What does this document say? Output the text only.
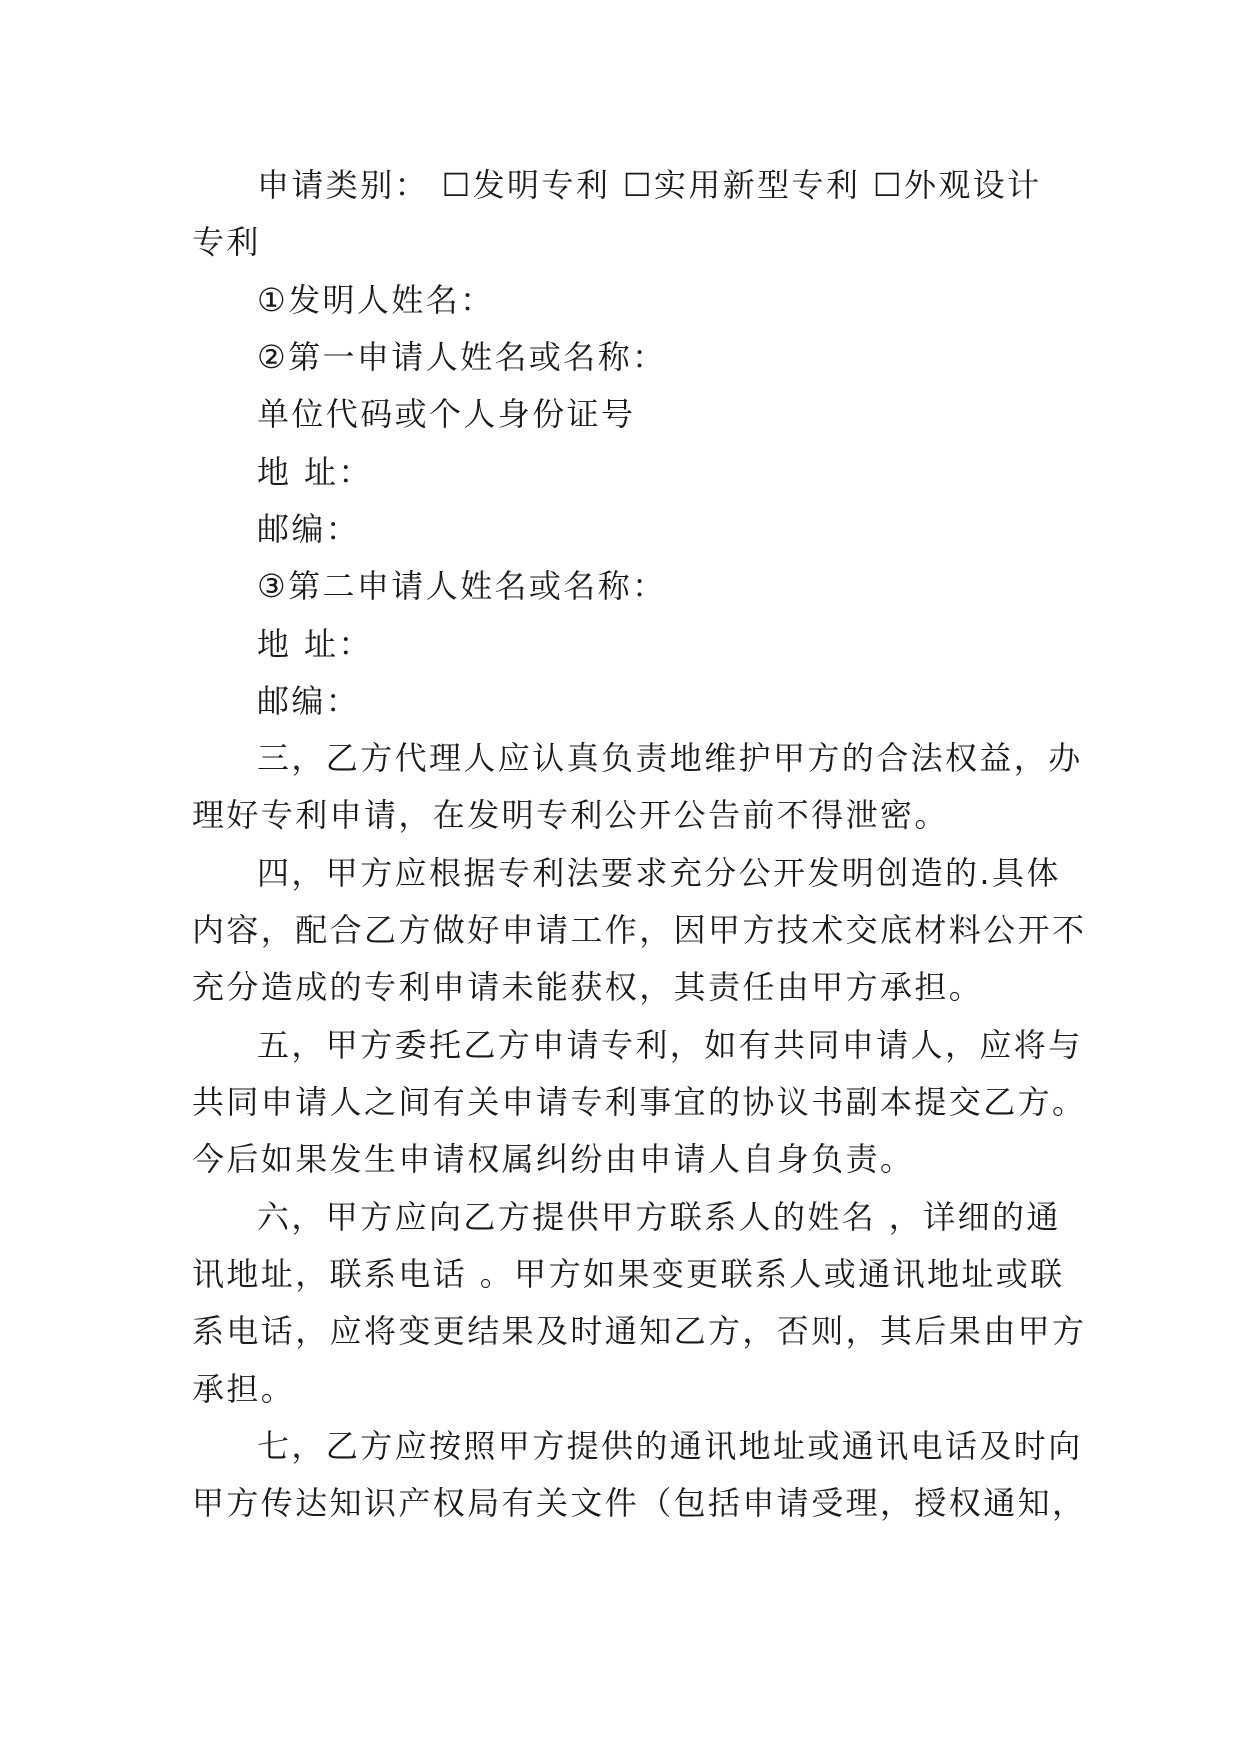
申请类别： ☐发明专利 ☐实用新型专利 ☐外观设计

专利

①发明人姓名：

②第一申请人姓名或名称：

单位代码或个人身份证号

地 址：

邮编：

③第二申请人姓名或名称：

地 址：

邮编：

三，乙方代理人应认真负责地维护甲方的合法权益，办

理好专利申请，在发明专利公开公告前不得泄密。

四，甲方应根据专利法要求充分公开发明创造的.具体

内容，配合乙方做好申请工作，因甲方技术交底材料公开不

充分造成的专利申请未能获权，其责任由甲方承担。

五，甲方委托乙方申请专利，如有共同申请人，应将与

共同申请人之间有关申请专利事宜的协议书副本提交乙方。

今后如果发生申请权属纠纷由申请人自身负责。

六，甲方应向乙方提供甲方联系人的姓名 ，详细的通

讯地址，联系电话 。甲方如果变更联系人或通讯地址或联

系电话，应将变更结果及时通知乙方，否则，其后果由甲方

承担。

七，乙方应按照甲方提供的通讯地址或通讯电话及时向

甲方传达知识产权局有关文件（包括申请受理，授权通知，
